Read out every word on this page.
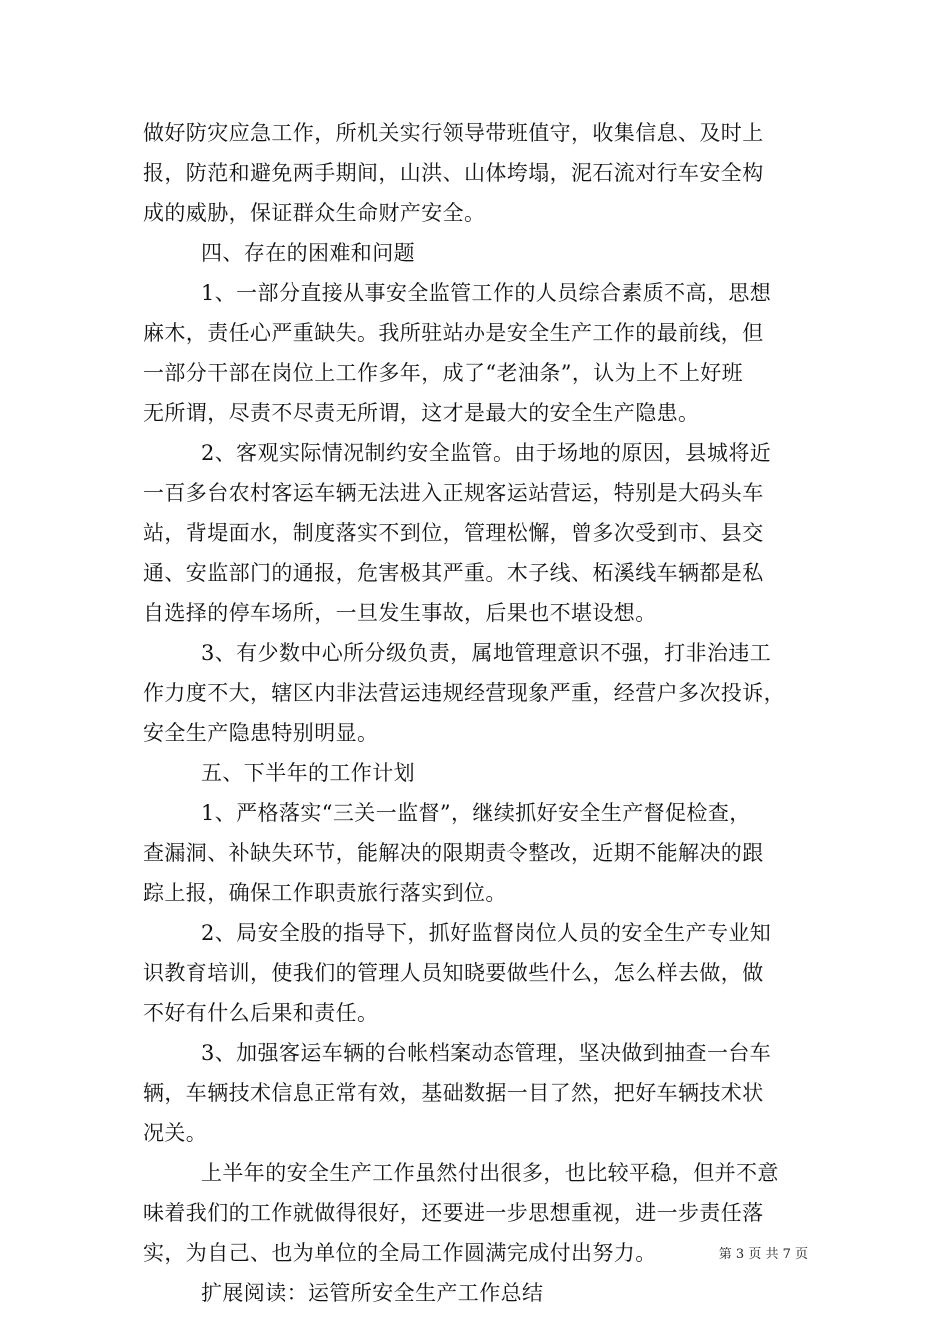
做好防灾应急工作，所机关实行领导带班值守，收集信息、及时上
报，防范和避免两手期间，山洪、山体垮塌，泥石流对行车安全构
成的威胁，保证群众生命财产安全。
四、存在的困难和问题
1、一部分直接从事安全监管工作的人员综合素质不高，思想
麻木，责任心严重缺失。我所驻站办是安全生产工作的最前线，但
一部分干部在岗位上工作多年，成了“老油条”，认为上不上好班
无所谓，尽责不尽责无所谓，这才是最大的安全生产隐患。
2、客观实际情况制约安全监管。由于场地的原因，县城将近
一百多台农村客运车辆无法进入正规客运站营运，特别是大码头车
站，背堤面水，制度落实不到位，管理松懈，曾多次受到市、县交
通、安监部门的通报，危害极其严重。木子线、柘溪线车辆都是私
自选择的停车场所，一旦发生事故，后果也不堪设想。
3、有少数中心所分级负责，属地管理意识不强，打非治违工
作力度不大，辖区内非法营运违规经营现象严重，经营户多次投诉，
安全生产隐患特别明显。
五、下半年的工作计划
1、严格落实“三关一监督”，继续抓好安全生产督促检查，
查漏洞、补缺失环节，能解决的限期责令整改，近期不能解决的跟
踪上报，确保工作职责旅行落实到位。
2、局安全股的指导下，抓好监督岗位人员的安全生产专业知
识教育培训，使我们的管理人员知晓要做些什么，怎么样去做，做
不好有什么后果和责任。
3、加强客运车辆的台帐档案动态管理，坚决做到抽查一台车
辆，车辆技术信息正常有效，基础数据一目了然，把好车辆技术状
况关。
上半年的安全生产工作虽然付出很多，也比较平稳，但并不意
味着我们的工作就做得很好，还要进一步思想重视，进一步责任落
实，为自己、也为单位的全局工作圆满完成付出努力。
扩展阅读：运管所安全生产工作总结
第 3 页 共 7 页
